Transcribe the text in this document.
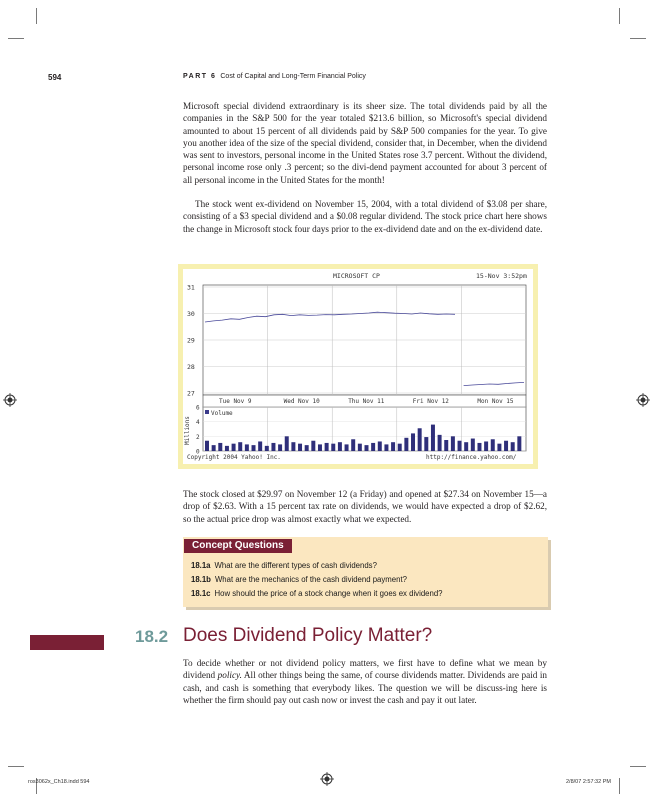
594	PART 6 Cost of Capital and Long-Term Financial Policy

Microsoft special dividend extraordinary is its sheer size. The total dividends paid by all the companies in the S&P 500 for the year totaled $213.6 billion, so Microsoft's special dividend amounted to about 15 percent of all dividends paid by S&P 500 companies for the year. To give you another idea of the size of the special dividend, consider that, in December, when the dividend was sent to investors, personal income in the United States rose 3.7 percent. Without the dividend, personal income rose only .3 percent; so the divi-dend payment accounted for about 3 percent of all personal income in the United States for the month!

The stock went ex-dividend on November 15, 2004, with a total dividend of $3.08 per share, consisting of a $3 special dividend and a $0.08 regular dividend. The stock price chart here shows the change in Microsoft stock four days prior to the ex-dividend date and on the ex-dividend date.

MICROSOFT CP	15-Nov 3:52pm
31
30
29
28
27
6
4
2
0
Tue Nov 9	Wed Nov 10	Thu Nov 11	Fri Nov 12	Mon Nov 15
Volume
Millions
Copyright 2004 Yahoo! Inc.	http://finance.yahoo.com/

The stock closed at $29.97 on November 12 (a Friday) and opened at $27.34 on November 15—a drop of $2.63. With a 15 percent tax rate on dividends, we would have expected a drop of $2.62, so the actual price drop was almost exactly what we expected.

Concept Questions
18.1a What are the different types of cash dividends?
18.1b What are the mechanics of the cash dividend payment?
18.1c How should the price of a stock change when it goes ex dividend?
18.2 Does Dividend Policy Matter?

To decide whether or not dividend policy matters, we first have to define what we mean by dividend policy. All other things being the same, of course dividends matter. Dividends are paid in cash, and cash is something that everybody likes. The question we will be discuss-ing here is whether the firm should pay out cash now or invest the cash and pay it out later.

ros3062x_Ch18.indd 594	2/8/07 2:57:32 PM
